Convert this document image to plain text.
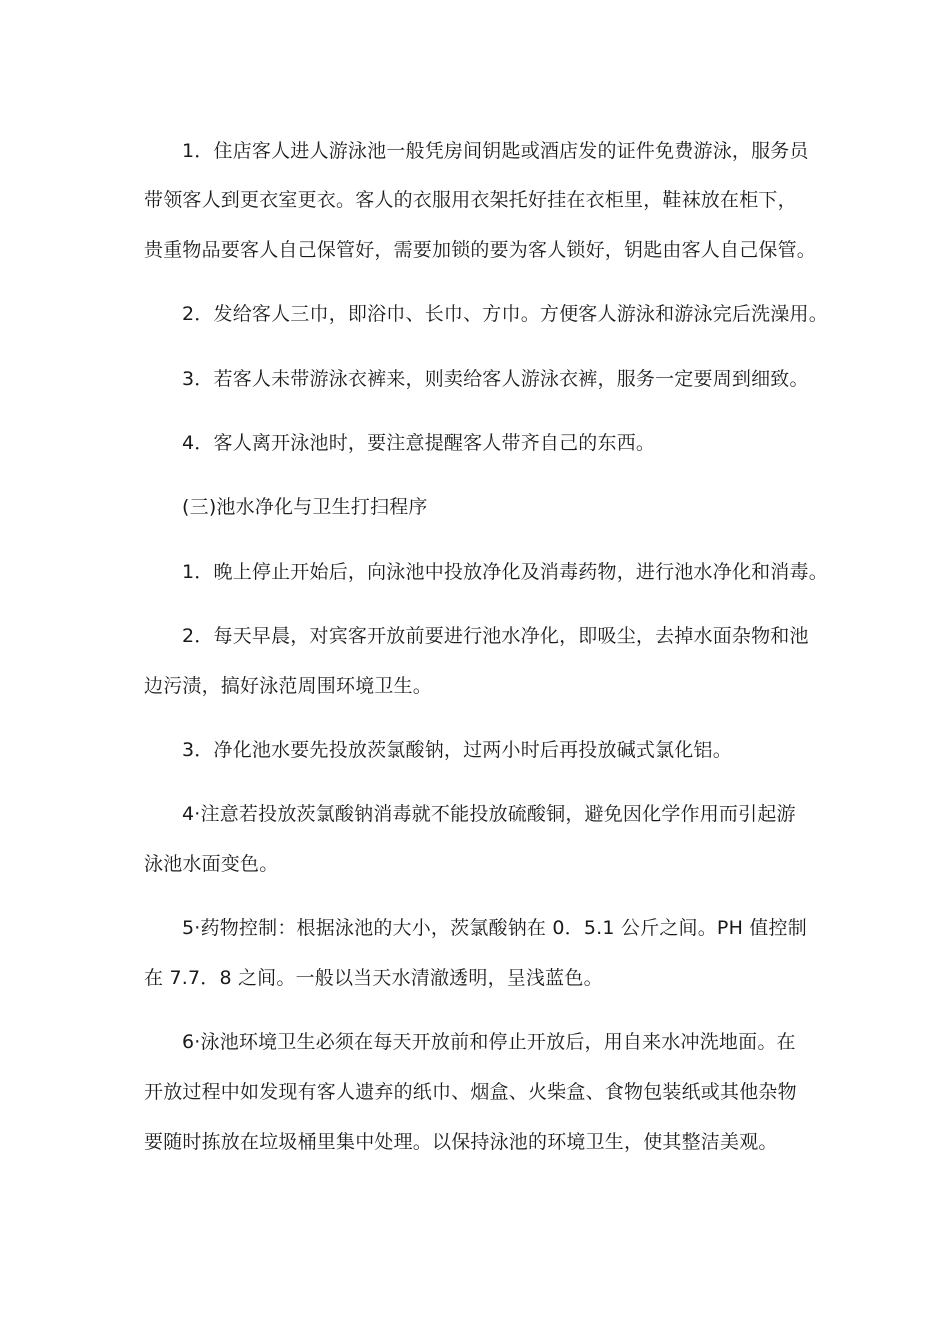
1．住店客人进人游泳池一般凭房间钥匙或酒店发的证件免费游泳，服务员
带领客人到更衣室更衣。客人的衣服用衣架托好挂在衣柜里，鞋袜放在柜下，
贵重物品要客人自己保管好，需要加锁的要为客人锁好，钥匙由客人自己保管。
2．发给客人三巾，即浴巾、长巾、方巾。方便客人游泳和游泳完后洗澡用。
3．若客人未带游泳衣裤来，则卖给客人游泳衣裤，服务一定要周到细致。
4．客人离开泳池时，要注意提醒客人带齐自己的东西。
(三)池水净化与卫生打扫程序
1．晚上停止开始后，向泳池中投放净化及消毒药物，进行池水净化和消毒。
2．每天早晨，对宾客开放前要进行池水净化，即吸尘，去掉水面杂物和池
边污渍，搞好泳范周围环境卫生。
3．净化池水要先投放茨氯酸钠，过两小时后再投放碱式氯化铝。
4·注意若投放茨氯酸钠消毒就不能投放硫酸铜，避免因化学作用而引起游
泳池水面变色。
5·药物控制：根据泳池的大小，茨氯酸钠在 0．5.1 公斤之间。PH 值控制
在 7.7．8 之间。一般以当天水清澈透明，呈浅蓝色。
6·泳池环境卫生必须在每天开放前和停止开放后，用自来水冲洗地面。在
开放过程中如发现有客人遗弃的纸巾、烟盒、火柴盒、食物包装纸或其他杂物
要随时拣放在垃圾桶里集中处理。以保持泳池的环境卫生，使其整洁美观。
